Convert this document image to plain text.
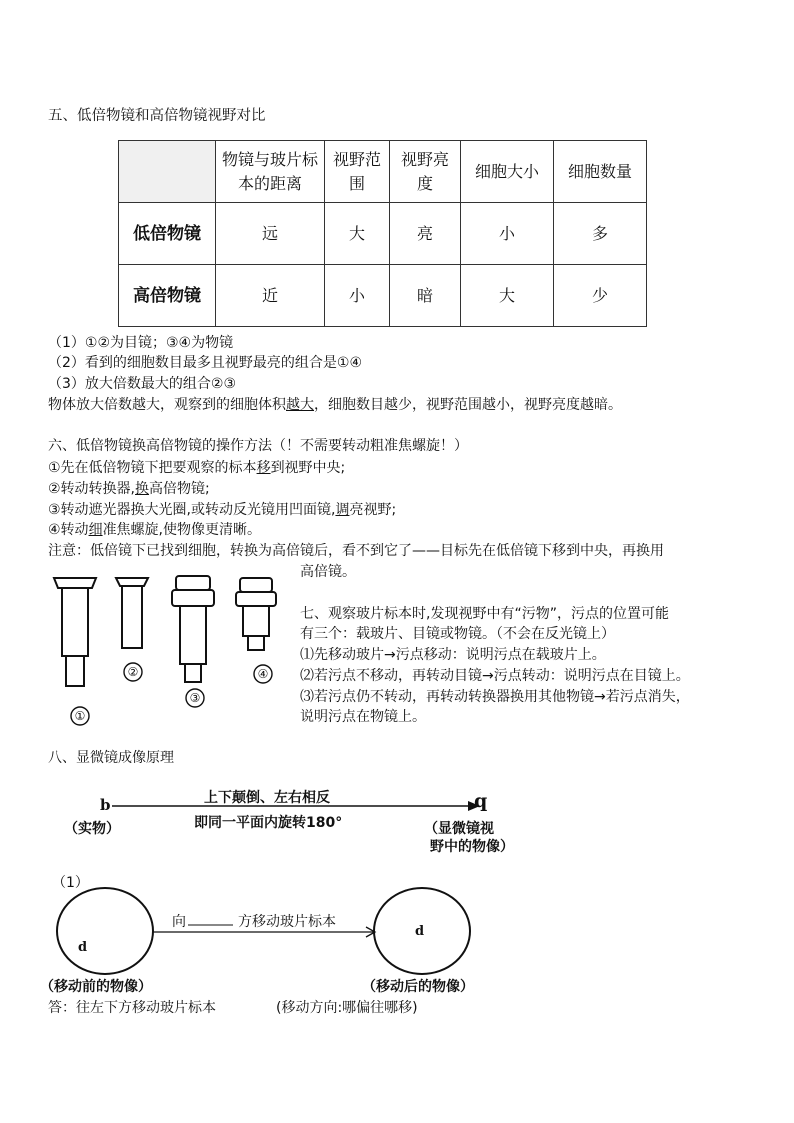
五、低倍物镜和高倍物镜视野对比

	物镜与玻片标本的距离	视野范围	视野亮度	细胞大小	细胞数量
低倍物镜	远	大	亮	小	多
高倍物镜	近	小	暗	大	少
（1）①②为目镜；③④为物镜
（2）看到的细胞数目最多且视野最亮的组合是①④
（3）放大倍数最大的组合②③
物体放大倍数越大，观察到的细胞体积越大，细胞数目越少，视野范围越小，视野亮度越暗。
六、低倍物镜换高倍物镜的操作方法（！不需要转动粗准焦螺旋！）
①先在低倍物镜下把要观察的标本移到视野中央;
②转动转换器,换高倍物镜;
③转动遮光器换大光圈,或转动反光镜用凹面镜,调亮视野;
④转动细准焦螺旋,使物像更清晰。
注意：低倍镜下已找到细胞，转换为高倍镜后，看不到它了——目标先在低倍镜下移到中央，再换用
高倍镜。
①
②
③
④
七、观察玻片标本时,发现视野中有“污物”，污点的位置可能
有三个：载玻片、目镜或物镜。（不会在反光镜上）
⑴先移动玻片→污点移动：说明污点在载玻片上。
⑵若污点不移动，再转动目镜→污点转动：说明污点在目镜上。
⑶若污点仍不转动，再转动转换器换用其他物镜→若污点消失，
说明污点在物镜上。
八、显微镜成像原理
b	上下颠倒、左右相反
即同一平面内旋转180°
q
（实物）	（显微镜视
野中的物像）
（1）
向	方移动玻片标本
d
d
（移动前的物像）	（移动后的物像）
答：往左下方移动玻片标本	(移动方向:哪偏往哪移)
